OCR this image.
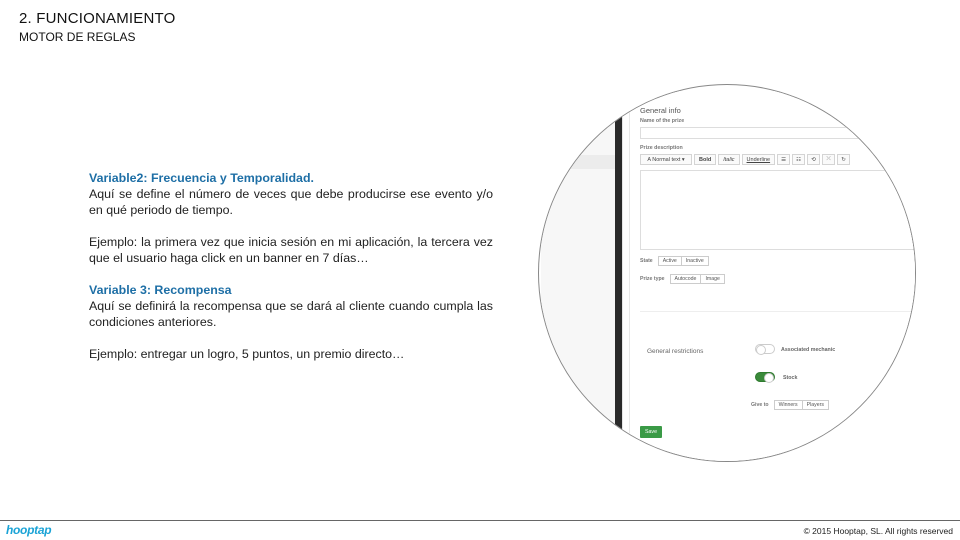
2. FUNCIONAMIENTO
MOTOR DE REGLAS

Variable2: Frecuencia y Temporalidad.

Aquí se define el número de veces que debe producirse ese evento y/o en qué periodo de tiempo.

Ejemplo: la primera vez que inicia sesión en mi aplicación, la tercera vez que el usuario haga click en un banner en 7 días…

Variable 3: Recompensa

Aquí se definirá la recompensa que se dará al cliente cuando cumpla las condiciones anteriores.

Ejemplo: entregar un logro, 5 puntos, un premio directo…

General info
Name of the prize
Prize description
A Normal text ▾	Bold	Italic	Underline	☰	☷	⟲	⤫	↻
State	Active	Inactive
Prize type	Autocode	Image
General restrictions	Associated mechanic
Stock
Give to	Winners	Players
Save
hooptap	© 2015 Hooptap, SL. All rights reserved
